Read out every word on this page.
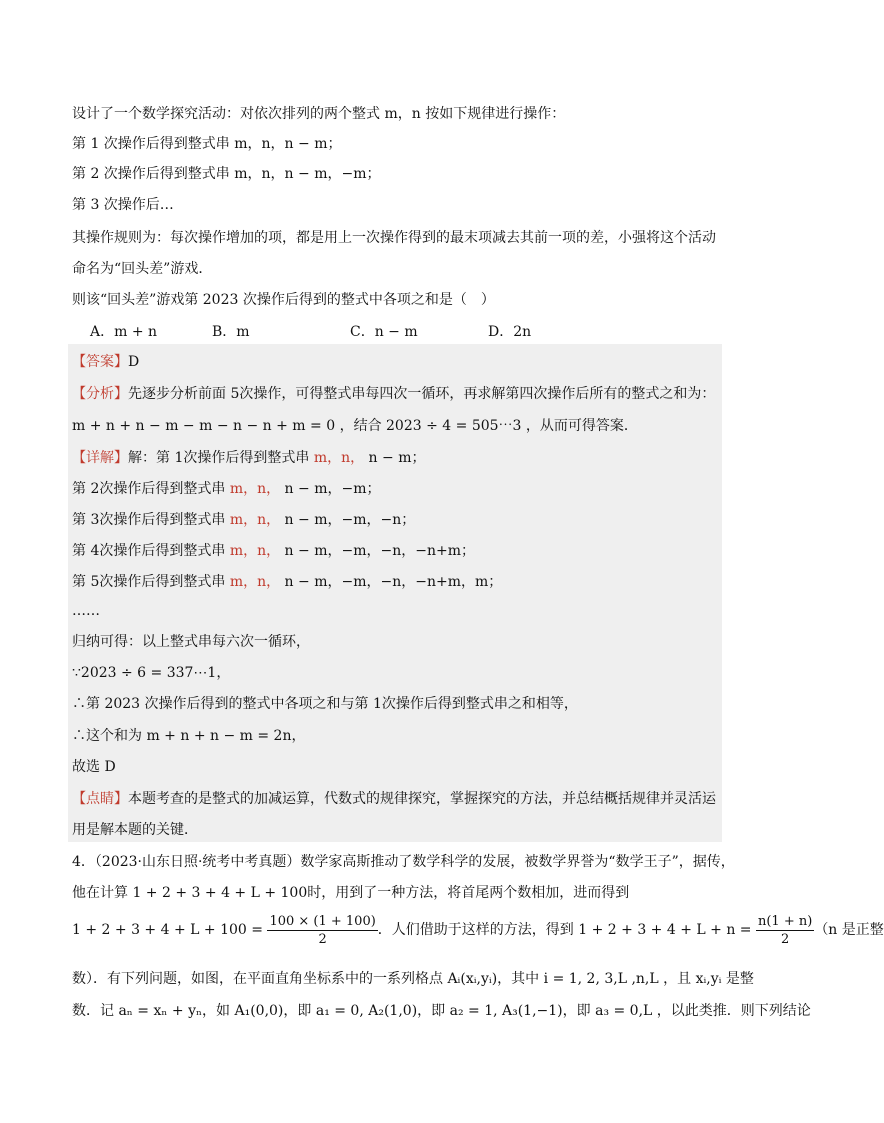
设计了一个数学探究活动：对依次排列的两个整式 m，n 按如下规律进行操作：
第 1 次操作后得到整式串 m，n，n − m；
第 2 次操作后得到整式串 m，n，n − m，−m；
第 3 次操作后…
其操作规则为：每次操作增加的项，都是用上一次操作得到的最末项减去其前一项的差，小强将这个活动
命名为“回头差”游戏．
则该“回头差”游戏第 2023 次操作后得到的整式中各项之和是（　）
A．m + n	B．m	C．n − m	D．2n
【答案】D
【分析】先逐步分析前面 5次操作，可得整式串每四次一循环，再求解第四次操作后所有的整式之和为：
m + n + n − m − m − n − n + m = 0 ，结合 2023 ÷ 4 = 505⋯3 ，从而可得答案．
【详解】解：第 1次操作后得到整式串 m，n， n − m；
第 2次操作后得到整式串 m，n， n − m，−m；
第 3次操作后得到整式串 m，n， n − m，−m，−n；
第 4次操作后得到整式串 m，n， n − m，−m，−n，−n+m；
第 5次操作后得到整式串 m，n， n − m，−m，−n，−n+m，m；
……
归纳可得：以上整式串每六次一循环，
∵2023 ÷ 6 = 337⋯1，
∴第 2023 次操作后得到的整式中各项之和与第 1次操作后得到整式串之和相等，
∴这个和为 m + n + n − m = 2n，
故选 D
【点睛】本题考查的是整式的加减运算，代数式的规律探究，掌握探究的方法，并总结概括规律并灵活运
用是解本题的关键．
4．（2023·山东日照·统考中考真题）数学家高斯推动了数学科学的发展，被数学界誉为“数学王子”，据传，
他在计算 1 + 2 + 3 + 4 + L + 100时，用到了一种方法，将首尾两个数相加，进而得到
$1 + 2 + 3 + 4 + L + 100 = \frac{100 \times (1 + 100)}{2}$ ．人们借助于这样的方法，得到 $1 + 2 + 3 + 4 + L + n = \frac{n(1 + n)}{2} (n$ 是正整
数）．有下列问题，如图，在平面直角坐标系中的一系列格点 Aᵢ(xᵢ,yᵢ)，其中 i = 1, 2, 3,L ,n,L ，且 xᵢ,yᵢ 是整
数．记 aₙ = xₙ + yₙ，如 A₁(0,0)，即 a₁ = 0, A₂(1,0)，即 a₂ = 1, A₃(1,−1)，即 a₃ = 0,L ，以此类推．则下列结论
